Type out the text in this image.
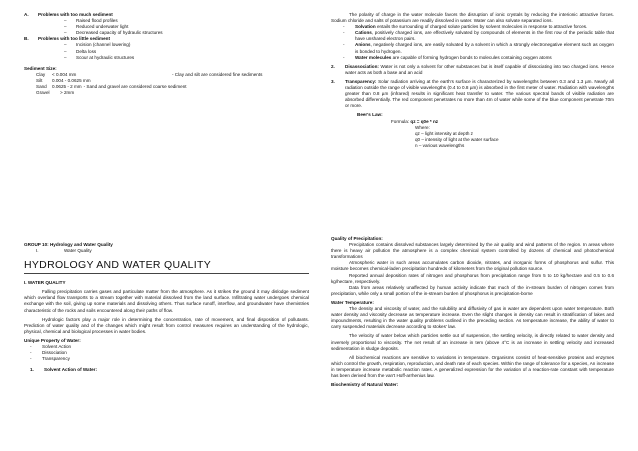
A.	Problems with too much sediment
–	Raised flood profiles
–	Reduced underwater light
–	Decreased capacity of hydraulic structures
B.	Problems with too little sediment
–	Incision (channel lowering)
–	Delta loss
–	Scour at hydraulic structures
Sediment Size:
Clay	< 0.004 mm	- Clay and silt are considered fine sediments
Silt	0.004 - 0.0625 mm
Sand	0.0625 - 2 mm - Sand and gravel are considered coarse sediment
Gravel	> 2mm
The polarity of charge in the water molecule favors the disruption of ionic crystals by reducing the interionic attractive forces. Sodium chloride and salts of potassium are readily dissolved in water. Water can also solvate separated ions.
-	Solvation entails the surrounding of charged solute particles by solvent molecules in response to attractive forces.
-	Cations, positively charged ions, are effectively solvated by compounds of elements in the first row of the periodic table that have unshared electron pairs.
-	Anions, negatively charged ions, are easily solvated by a solvent in which a strongly electronegative element such as oxygen is bonded to hydrogen.
-	Water molecules are capable of forming hydrogen bonds to molecules containing oxygen atoms
2.	Disassociation: Water is not only a solvent for other substances but is itself capable of dissociating into two charged ions. Hence water acts as both a base and an acid
3.	Transparency: Solar radiation arriving at the earth's surface is characterized by wavelengths between 0.3 and 1.3 µm. Nearly all radiation outside the range of visible wavelengths (0.4 to 0.8 µm) is absorbed in the first meter of water. Radiation with wavelengths greater than 0.8 µm (infrared) results in significant heat transfer to water. The various spectral bands of visible radiation are absorbed differentially. The red component penetrates no more than 4m of water while some of the blue component penetrate 70m or more.
Beer's Law:
Formula: qz = q0e * nz
Where:
qz – light intensity at depth z
q0 – intensity of light at the water surface
n – various wavelengths
GROUP 10: Hydrology and Water Quality
I.	Water Quality
HYDROLOGY AND WATER QUALITY
I. WATER QUALITY
Falling precipitation carries gases and particulate matter from the atmosphere. As it strikes the ground it may dislodge sediment which overland flow transports to a stream together with material dissolved from the land surface. Infiltrating water undergoes chemical exchange with the soil, giving up some materials and dissolving others. Thus surface runoff, interflow, and groundwater have chemistries characteristic of the rocks and soils encountered along their paths of flow.
Hydrologic factors play a major role in determining the concentration, rate of movement, and final disposition of pollutants. Prediction of water quality and of the changes which might result from control measures requires an understanding of the hydrologic, physical, chemical and biological processes in water bodies.
Unique Property of Water:
-	Solvent Action
-	Dissociation
-	Transparency
1.	Solvent Action of Water:
Quality of Precipitation:
Precipitation contains dissolved substances largely determined by the air quality and wind patterns of the region. In areas where there is heavy air pollution the atmosphere is a complex chemical system controlled by dozens of chemical and photochemical transformations
Atmospheric water in such areas accumulates carbon dioxide, nitrates, and inorganic forms of phosphorus and sulfur. This moisture becomes chemical-laden precipitation hundreds of kilometers from the original pollution source.
Reported annual deposition rates of nitrogen and phosphorus from precipitation range from 5 to 10 kg/hectare and 0.5 to 0.6 kg/hectare, respectively.
Data from areas relatively unaffected by human activity indicate that much of the in-stream burden of nitrogen comes from precipitation, while only a small portion of the in-stream burden of phosphorus is precipitation-borne
Water Temperature:
The density and viscosity of water, and the solubility and diffusivity of gas in water are dependent upon water temperature. Both water density and viscosity decrease as temperature increase. Even the slight changes in density can result in stratification of lakes and impoundments, resulting in the water quality problems outlined in the preceding section. As temperature increase, the ability of water to carry suspended materials decrease according to stokes' law.
The velocity of water below which particles settle out of suspension, the settling velocity, is directly related to water density and inversely proportional to viscosity. The net result of an increase in tem (above 4°C is an increase in settling velocity and increased sedimentation in sludge deposits.
All biochemical reactions are sensitive to variations in temperature. Organisms consist of heat-sensitive proteins and enzymes which control the growth, respiration, reproduction, and death rate of each species. Within the range of tolerance for a species, An increase in temperature increase metabolic reaction rates. A generalized expression for the variation of a reaction-rate constant with temperature has been derived from the van't Hoff-arrhenius law.
Biochemistry of Natural Water:
